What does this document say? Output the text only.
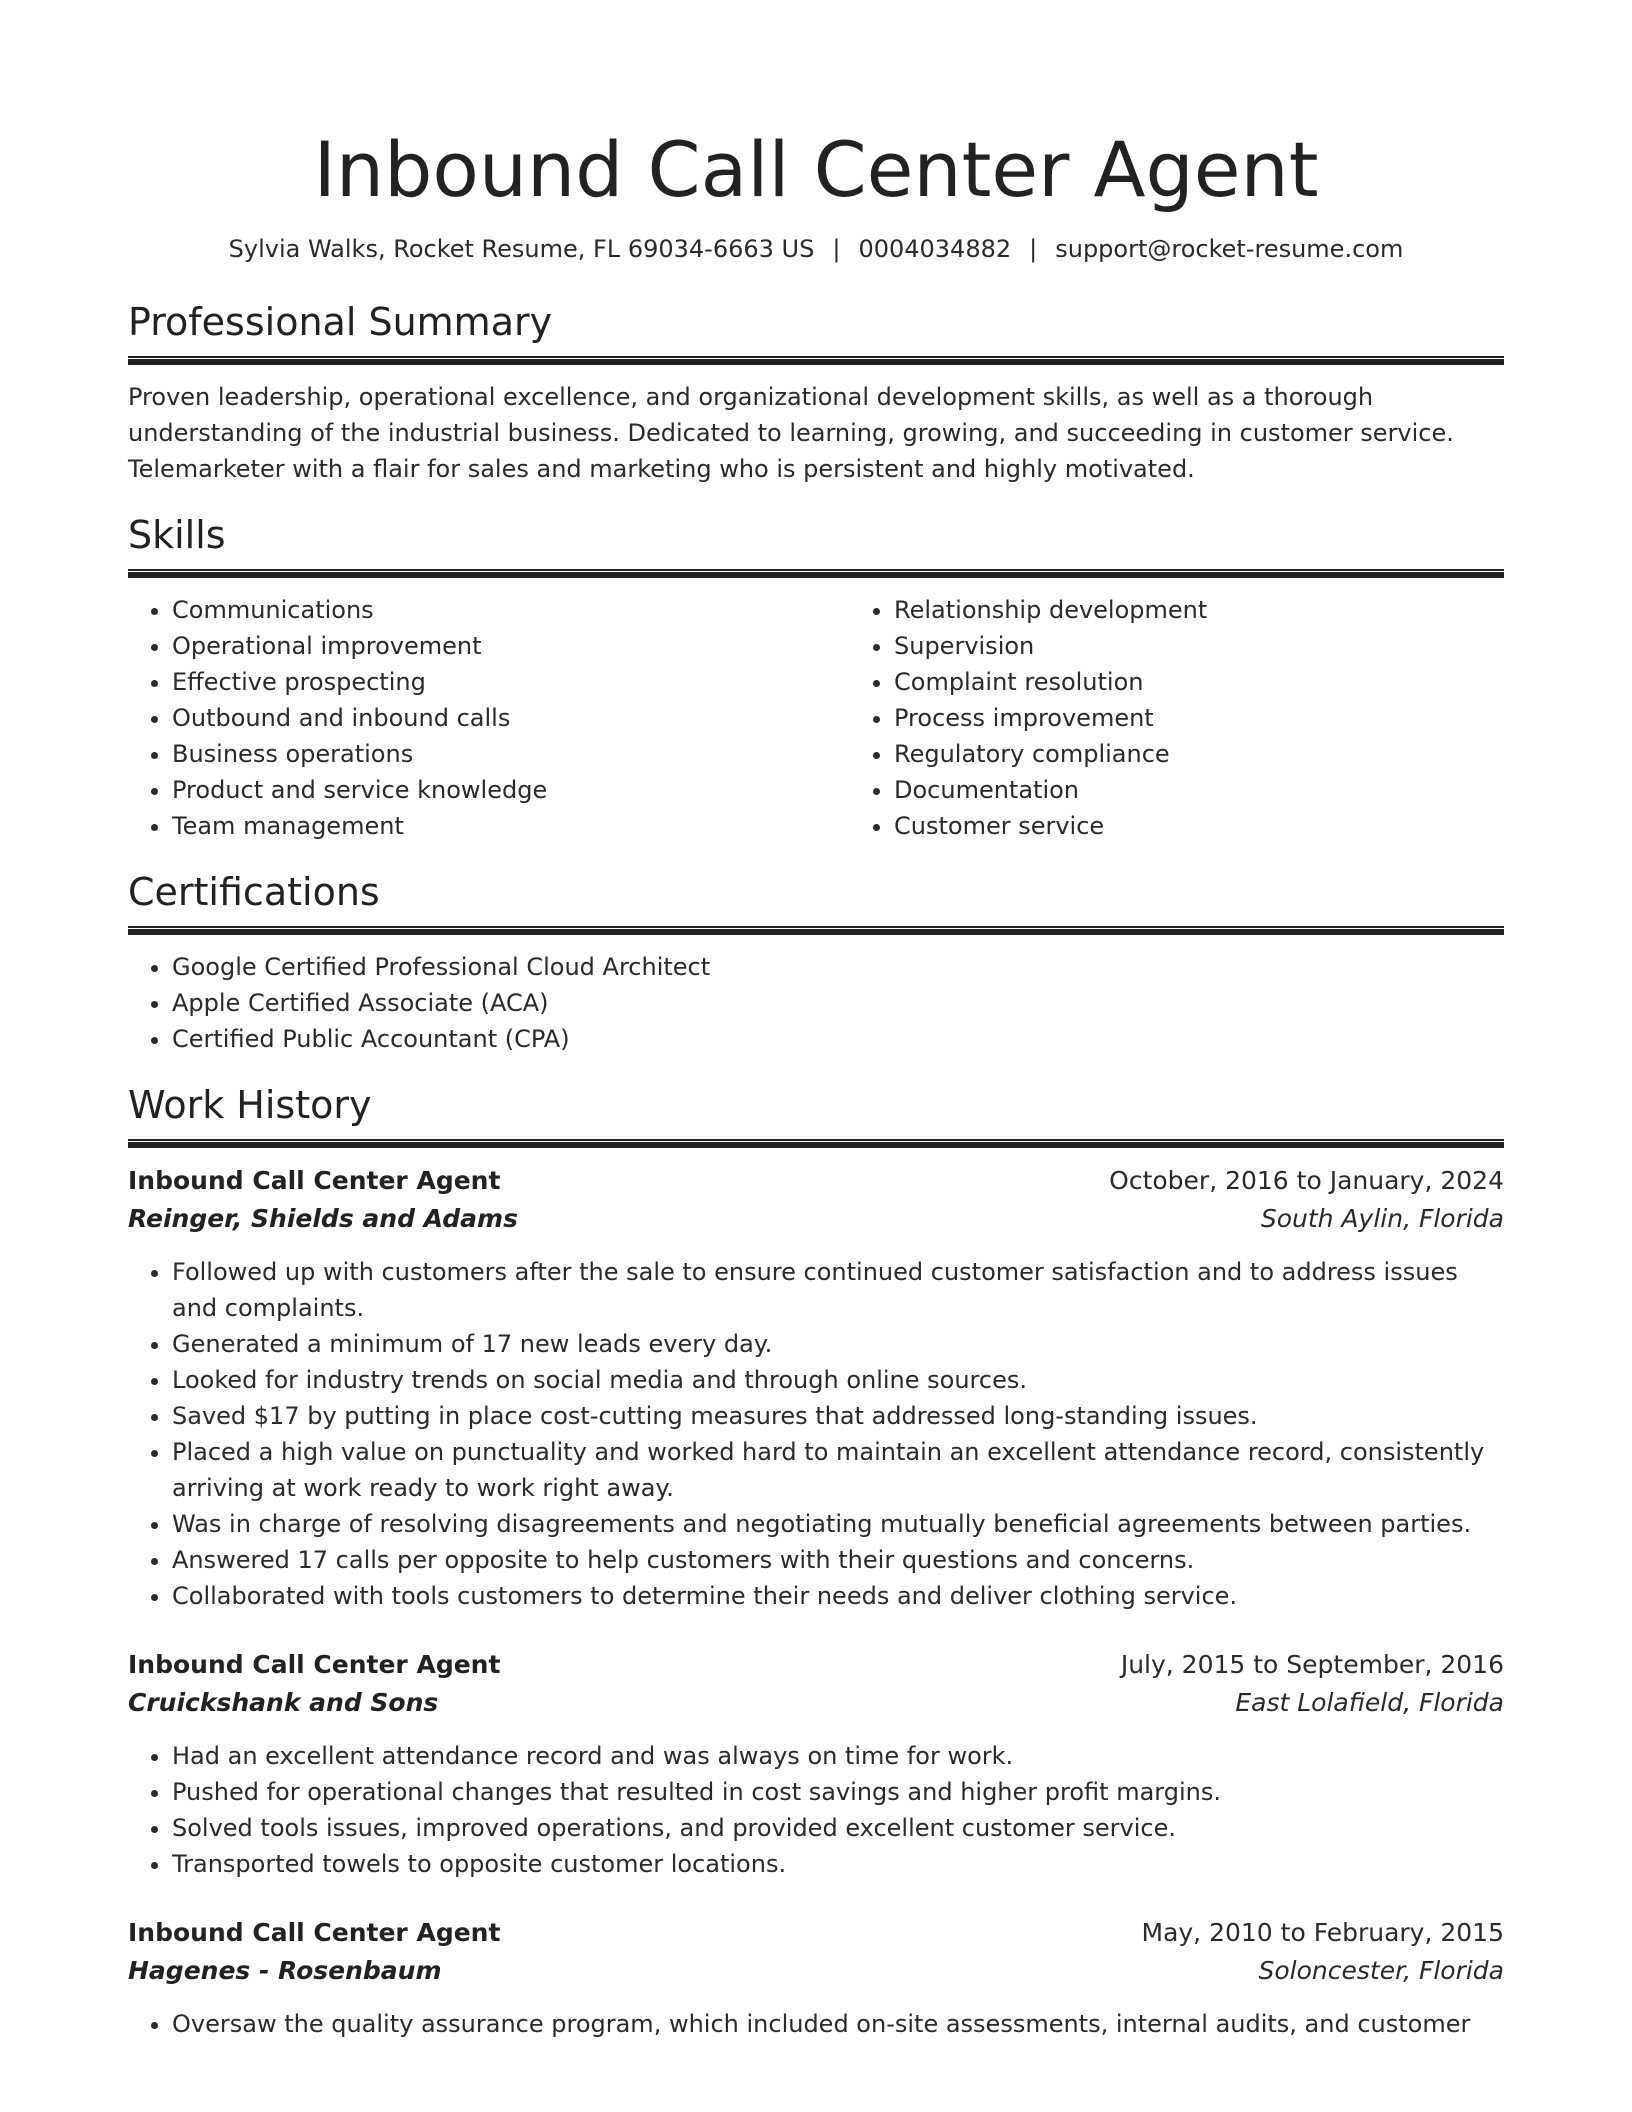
Inbound Call Center Agent
Sylvia Walks, Rocket Resume, FL 69034-6663 US | 0004034882 | support@rocket-resume.com
Professional Summary

Proven leadership, operational excellence, and organizational development skills, as well as a thorough understanding of the industrial business. Dedicated to learning, growing, and succeeding in customer service. Telemarketer with a flair for sales and marketing who is persistent and highly motivated.

Skills
• Communications
• Operational improvement
• Effective prospecting
• Outbound and inbound calls
• Business operations
• Product and service knowledge
• Team management
• Relationship development
• Supervision
• Complaint resolution
• Process improvement
• Regulatory compliance
• Documentation
• Customer service
Certifications
• Google Certified Professional Cloud Architect
• Apple Certified Associate (ACA)
• Certified Public Accountant (CPA)
Work History
Inbound Call Center Agent	October, 2016 to January, 2024
Reinger, Shields and Adams	South Aylin, Florida
• Followed up with customers after the sale to ensure continued customer satisfaction and to address issues and complaints.
• Generated a minimum of 17 new leads every day.
• Looked for industry trends on social media and through online sources.
• Saved $17 by putting in place cost-cutting measures that addressed long-standing issues.
• Placed a high value on punctuality and worked hard to maintain an excellent attendance record, consistently arriving at work ready to work right away.
• Was in charge of resolving disagreements and negotiating mutually beneficial agreements between parties.
• Answered 17 calls per opposite to help customers with their questions and concerns.
• Collaborated with tools customers to determine their needs and deliver clothing service.
Inbound Call Center Agent	July, 2015 to September, 2016
Cruickshank and Sons	East Lolafield, Florida
• Had an excellent attendance record and was always on time for work.
• Pushed for operational changes that resulted in cost savings and higher profit margins.
• Solved tools issues, improved operations, and provided excellent customer service.
• Transported towels to opposite customer locations.
Inbound Call Center Agent	May, 2010 to February, 2015
Hagenes - Rosenbaum	Soloncester, Florida
• Oversaw the quality assurance program, which included on-site assessments, internal audits, and customer
